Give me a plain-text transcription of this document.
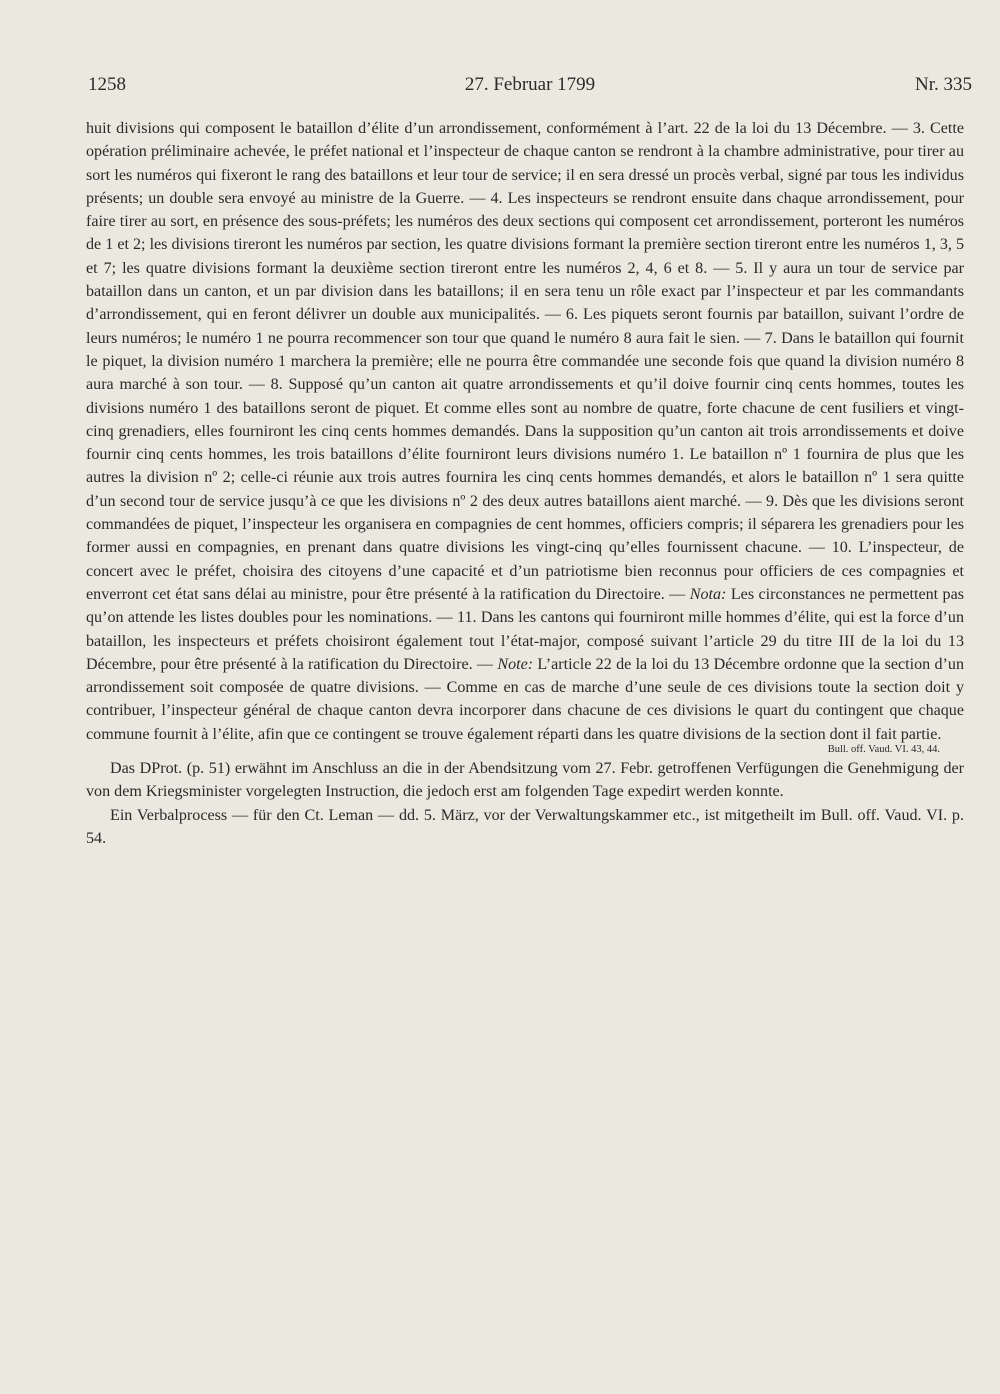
1258	27. Februar 1799	Nr. 335

huit divisions qui composent le bataillon d’élite d’un arrondissement, conformément à l’art. 22 de la loi du 13 Décembre. — 3. Cette opération préliminaire achevée, le préfet national et l’inspecteur de chaque canton se rendront à la chambre administrative, pour tirer au sort les numéros qui fixeront le rang des bataillons et leur tour de service; il en sera dressé un procès verbal, signé par tous les individus présents; un double sera envoyé au ministre de la Guerre. — 4. Les inspecteurs se rendront ensuite dans chaque arrondissement, pour faire tirer au sort, en présence des sous-préfets; les numéros des deux sections qui composent cet arrondissement, porteront les numéros de 1 et 2; les divisions tireront les numéros par section, les quatre divisions formant la première section tireront entre les numéros 1, 3, 5 et 7; les quatre divisions formant la deuxième section tireront entre les numéros 2, 4, 6 et 8. — 5. Il y aura un tour de service par bataillon dans un canton, et un par division dans les bataillons; il en sera tenu un rôle exact par l’inspecteur et par les commandants d’arrondissement, qui en feront délivrer un double aux municipalités. — 6. Les piquets seront fournis par bataillon, suivant l’ordre de leurs numéros; le numéro 1 ne pourra recommencer son tour que quand le numéro 8 aura fait le sien. — 7. Dans le bataillon qui fournit le piquet, la division numéro 1 marchera la première; elle ne pourra être commandée une seconde fois que quand la division numéro 8 aura marché à son tour. — 8. Supposé qu’un canton ait quatre arrondissements et qu’il doive fournir cinq cents hommes, toutes les divisions numéro 1 des bataillons seront de piquet. Et comme elles sont au nombre de quatre, forte chacune de cent fusiliers et vingt-cinq grenadiers, elles fourniront les cinq cents hommes demandés. Dans la supposition qu’un canton ait trois arrondissements et doive fournir cinq cents hommes, les trois bataillons d’élite fourniront leurs divisions numéro 1. Le bataillon nº 1 fournira de plus que les autres la division nº 2; celle-ci réunie aux trois autres fournira les cinq cents hommes demandés, et alors le bataillon nº 1 sera quitte d’un second tour de service jusqu’à ce que les divisions nº 2 des deux autres bataillons aient marché. — 9. Dès que les divisions seront commandées de piquet, l’inspecteur les organisera en compagnies de cent hommes, officiers compris; il séparera les grenadiers pour les former aussi en compagnies, en prenant dans quatre divisions les vingt-cinq qu’elles fournissent chacune. — 10. L’inspecteur, de concert avec le préfet, choisira des citoyens d’une capacité et d’un patriotisme bien reconnus pour officiers de ces compagnies et enverront cet état sans délai au ministre, pour être présenté à la ratification du Directoire. — Nota: Les circonstances ne permettent pas qu’on attende les listes doubles pour les nominations. — 11. Dans les cantons qui fourniront mille hommes d’élite, qui est la force d’un bataillon, les inspecteurs et préfets choisiront également tout l’état-major, composé suivant l’article 29 du titre III de la loi du 13 Décembre, pour être présenté à la ratification du Directoire. — Note: L’article 22 de la loi du 13 Décembre ordonne que la section d’un arrondissement soit composée de quatre divisions. — Comme en cas de marche d’une seule de ces divisions toute la section doit y contribuer, l’inspecteur général de chaque canton devra incorporer dans chacune de ces divisions le quart du contingent que chaque commune fournit à l’élite, afin que ce contingent se trouve également réparti dans les quatre divisions de la section dont il fait partie.

Bull. off. Vaud. VI. 43, 44.

Das DProt. (p. 51) erwähnt im Anschluss an die in der Abendsitzung vom 27. Febr. getroffenen Verfügungen die Genehmigung der von dem Kriegsminister vorgelegten Instruction, die jedoch erst am folgenden Tage expedirt werden konnte.

Ein Verbalprocess — für den Ct. Leman — dd. 5. März, vor der Verwaltungskammer etc., ist mitgetheilt im Bull. off. Vaud. VI. p. 54.
